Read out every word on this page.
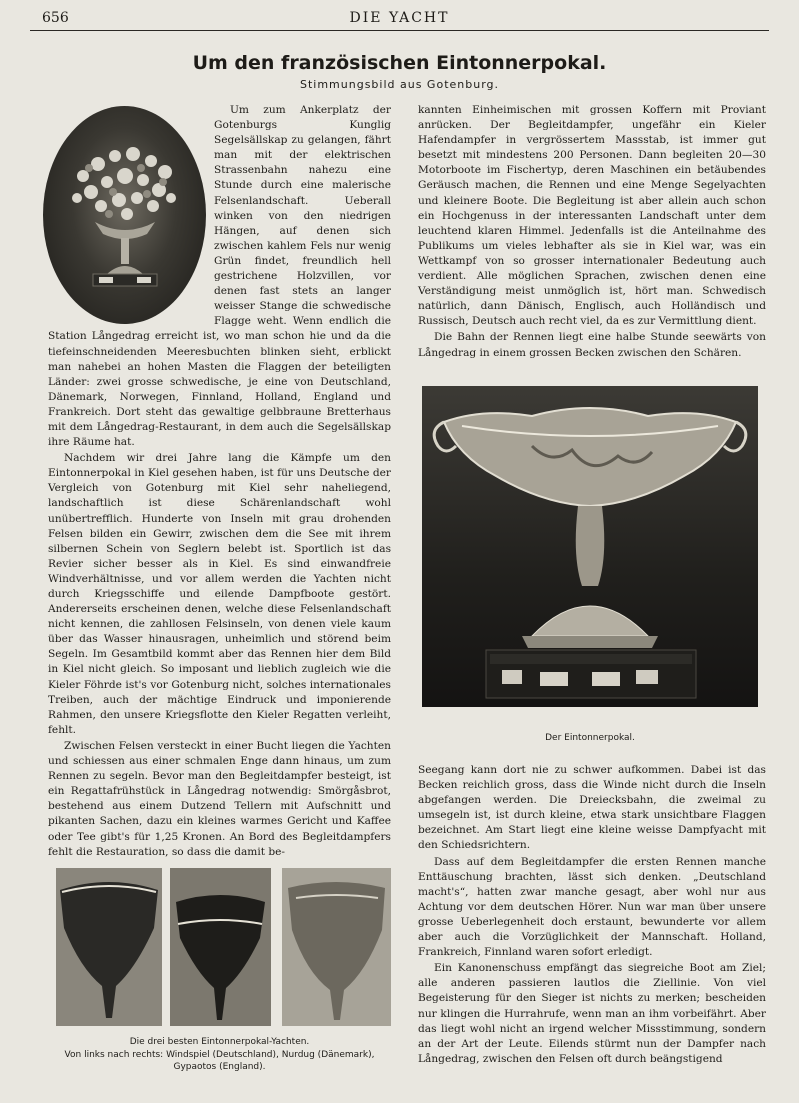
656	DIE YACHT
Um den französischen Eintonnerpokal.
Stimmungsbild aus Gotenburg.

Um zum Ankerplatz der Gotenburgs Kunglig Segelsällskap zu gelangen, fährt man mit der elektrischen Strassenbahn nahezu eine Stunde durch eine malerische Felsenlandschaft. Ueberall winken von den niedrigen Hängen, auf denen sich zwischen kahlem Fels nur wenig Grün findet, freundlich hell gestrichene Holzvillen, vor denen fast stets an langer weisser Stange die schwedische Flagge weht. Wenn endlich die Station Långedrag erreicht ist, wo man schon hie und da die tiefeinschneidenden Meeresbuchten blinken sieht, erblickt man nahebei an hohen Masten die Flaggen der beteiligten Länder: zwei grosse schwedische, je eine von Deutschland, Dänemark, Norwegen, Finnland, Holland, England und Frankreich. Dort steht das gewaltige gelbbraune Bretterhaus mit dem Långedrag-Restaurant, in dem auch die Segelsällskap ihre Räume hat.

Nachdem wir drei Jahre lang die Kämpfe um den Eintonnerpokal in Kiel gesehen haben, ist für uns Deutsche der Vergleich von Gotenburg mit Kiel sehr naheliegend, landschaftlich ist diese Schärenlandschaft wohl unübertrefflich. Hunderte von Inseln mit grau drohenden Felsen bilden ein Gewirr, zwischen dem die See mit ihrem silbernen Schein von Seglern belebt ist. Sportlich ist das Revier sicher besser als in Kiel. Es sind einwandfreie Windverhältnisse, und vor allem werden die Yachten nicht durch Kriegsschiffe und eilende Dampfboote gestört. Andererseits erscheinen denen, welche diese Felsenlandschaft nicht kennen, die zahllosen Felsinseln, von denen viele kaum über das Wasser hinausragen, unheimlich und störend beim Segeln. Im Gesamtbild kommt aber das Rennen hier dem Bild in Kiel nicht gleich. So imposant und lieblich zugleich wie die Kieler Föhrde ist's vor Gotenburg nicht, solches internationales Treiben, auch der mächtige Eindruck und imponierende Rahmen, den unsere Kriegsflotte den Kieler Regatten verleiht, fehlt.

Zwischen Felsen versteckt in einer Bucht liegen die Yachten und schiessen aus einer schmalen Enge dann hinaus, um zum Rennen zu segeln. Bevor man den Begleitdampfer besteigt, ist ein Regattafrühstück in Långedrag notwendig: Smörgåsbrot, bestehend aus einem Dutzend Tellern mit Aufschnitt und pikanten Sachen, dazu ein kleines warmes Gericht und Kaffee oder Tee gibt's für 1,25 Kronen. An Bord des Begleitdampfers fehlt die Restauration, so dass die damit be-

kannten Einheimischen mit grossen Koffern mit Proviant anrücken. Der Begleitdampfer, ungefähr ein Kieler Hafendampfer in vergrössertem Massstab, ist immer gut besetzt mit mindestens 200 Personen. Dann begleiten 20—30 Motorboote im Fischertyp, deren Maschinen ein betäubendes Geräusch machen, die Rennen und eine Menge Segelyachten und kleinere Boote. Die Begleitung ist aber allein auch schon ein Hochgenuss in der interessanten Landschaft unter dem leuchtend klaren Himmel. Jedenfalls ist die Anteilnahme des Publikums um vieles lebhafter als sie in Kiel war, was ein Wettkampf von so grosser internationaler Bedeutung auch verdient. Alle möglichen Sprachen, zwischen denen eine Verständigung meist unmöglich ist, hört man. Schwedisch natürlich, dann Dänisch, Englisch, auch Holländisch und Russisch, Deutsch auch recht viel, da es zur Vermittlung dient.

Die Bahn der Rennen liegt eine halbe Stunde seewärts von Långedrag in einem grossen Becken zwischen den Schären.

Der Eintonnerpokal.

Seegang kann dort nie zu schwer aufkommen. Dabei ist das Becken reichlich gross, dass die Winde nicht durch die Inseln abgefangen werden. Die Dreiecksbahn, die zweimal zu umsegeln ist, ist durch kleine, etwa stark unsichtbare Flaggen bezeichnet. Am Start liegt eine kleine weisse Dampfyacht mit den Schiedsrichtern.

Dass auf dem Begleitdampfer die ersten Rennen manche Enttäuschung brachten, lässt sich denken. „Deutschland macht's“, hatten zwar manche gesagt, aber wohl nur aus Achtung vor dem deutschen Hörer. Nun war man über unsere grosse Ueberlegenheit doch erstaunt, bewunderte vor allem aber auch die Vorzüglichkeit der Mannschaft. Holland, Frankreich, Finnland waren sofort erledigt.

Ein Kanonenschuss empfängt das siegreiche Boot am Ziel; alle anderen passieren lautlos die Ziellinie. Von viel Begeisterung für den Sieger ist nichts zu merken; bescheiden nur klingen die Hurrahrufe, wenn man an ihm vorbeifährt. Aber das liegt wohl nicht an irgend welcher Missstimmung, sondern an der Art der Leute. Eilends stürmt nun der Dampfer nach Långedrag, zwischen den Felsen oft durch beängstigend

Die drei besten Eintonnerpokal-Yachten.
Von links nach rechts: Windspiel (Deutschland), Nurdug (Dänemark),
Gypaotos (England).
